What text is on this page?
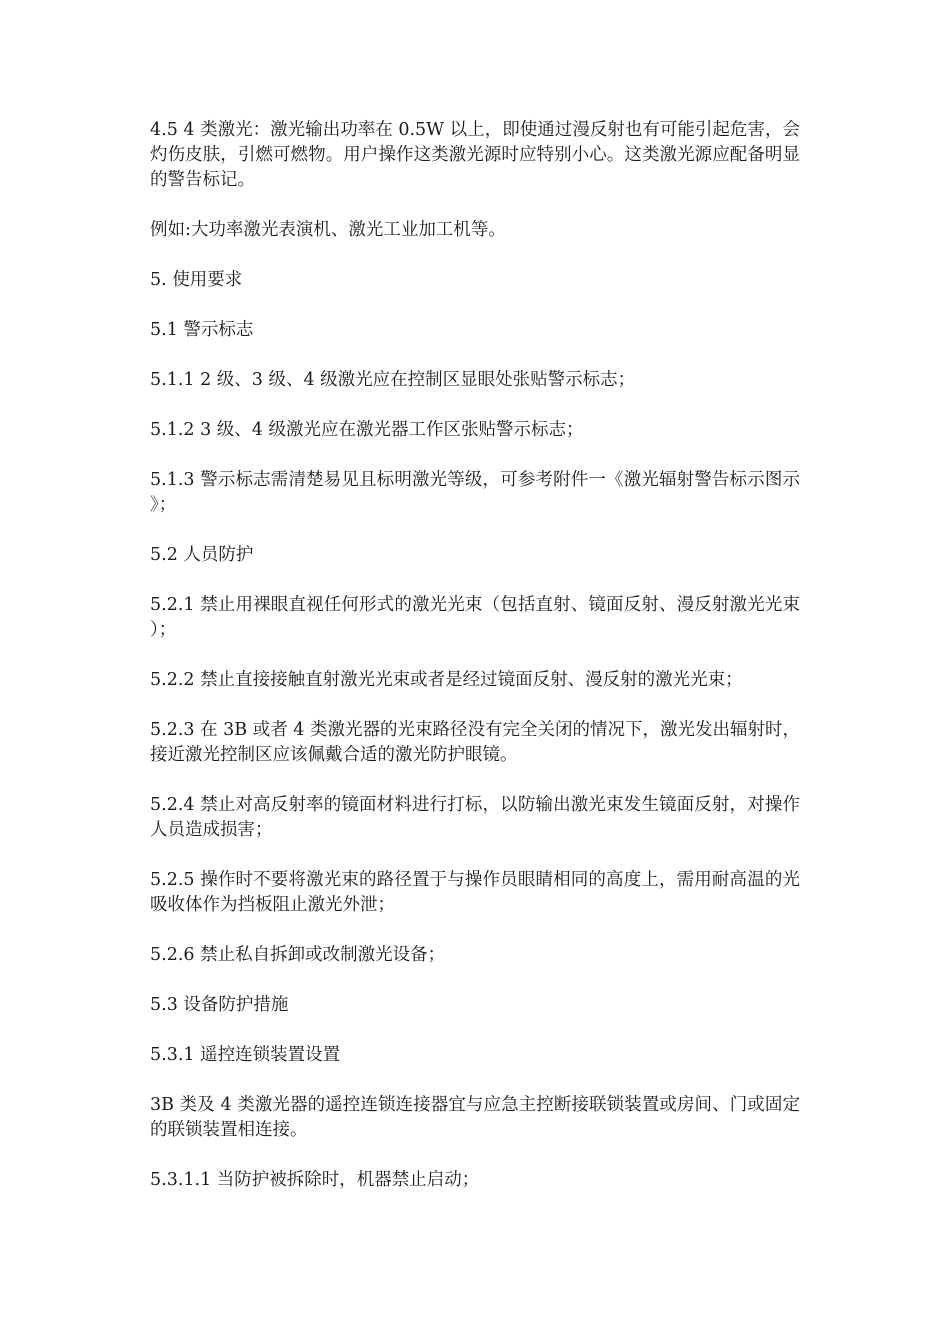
4.5 4 类激光：激光输出功率在 0.5W 以上，即使通过漫反射也有可能引起危害，会灼伤皮肤，引燃可燃物。用户操作这类激光源时应特别小心。这类激光源应配备明显的警告标记。

例如:大功率激光表演机、激光工业加工机等。

5. 使用要求

5.1 警示标志

5.1.1 2 级、3 级、4 级激光应在控制区显眼处张贴警示标志；

5.1.2 3 级、4 级激光应在激光器工作区张贴警示标志；

5.1.3 警示标志需清楚易见且标明激光等级，可参考附件一《激光辐射警告标示图示》；

5.2 人员防护

5.2.1 禁止用裸眼直视任何形式的激光光束（包括直射、镜面反射、漫反射激光光束）；

5.2.2 禁止直接接触直射激光光束或者是经过镜面反射、漫反射的激光光束；

5.2.3 在 3B 或者 4 类激光器的光束路径没有完全关闭的情况下，激光发出辐射时，接近激光控制区应该佩戴合适的激光防护眼镜。

5.2.4 禁止对高反射率的镜面材料进行打标，以防输出激光束发生镜面反射，对操作人员造成损害；

5.2.5 操作时不要将激光束的路径置于与操作员眼睛相同的高度上，需用耐高温的光吸收体作为挡板阻止激光外泄；

5.2.6 禁止私自拆卸或改制激光设备；

5.3 设备防护措施

5.3.1 遥控连锁装置设置

3B 类及 4 类激光器的遥控连锁连接器宜与应急主控断接联锁装置或房间、门或固定的联锁装置相连接。

5.3.1.1 当防护被拆除时，机器禁止启动；
